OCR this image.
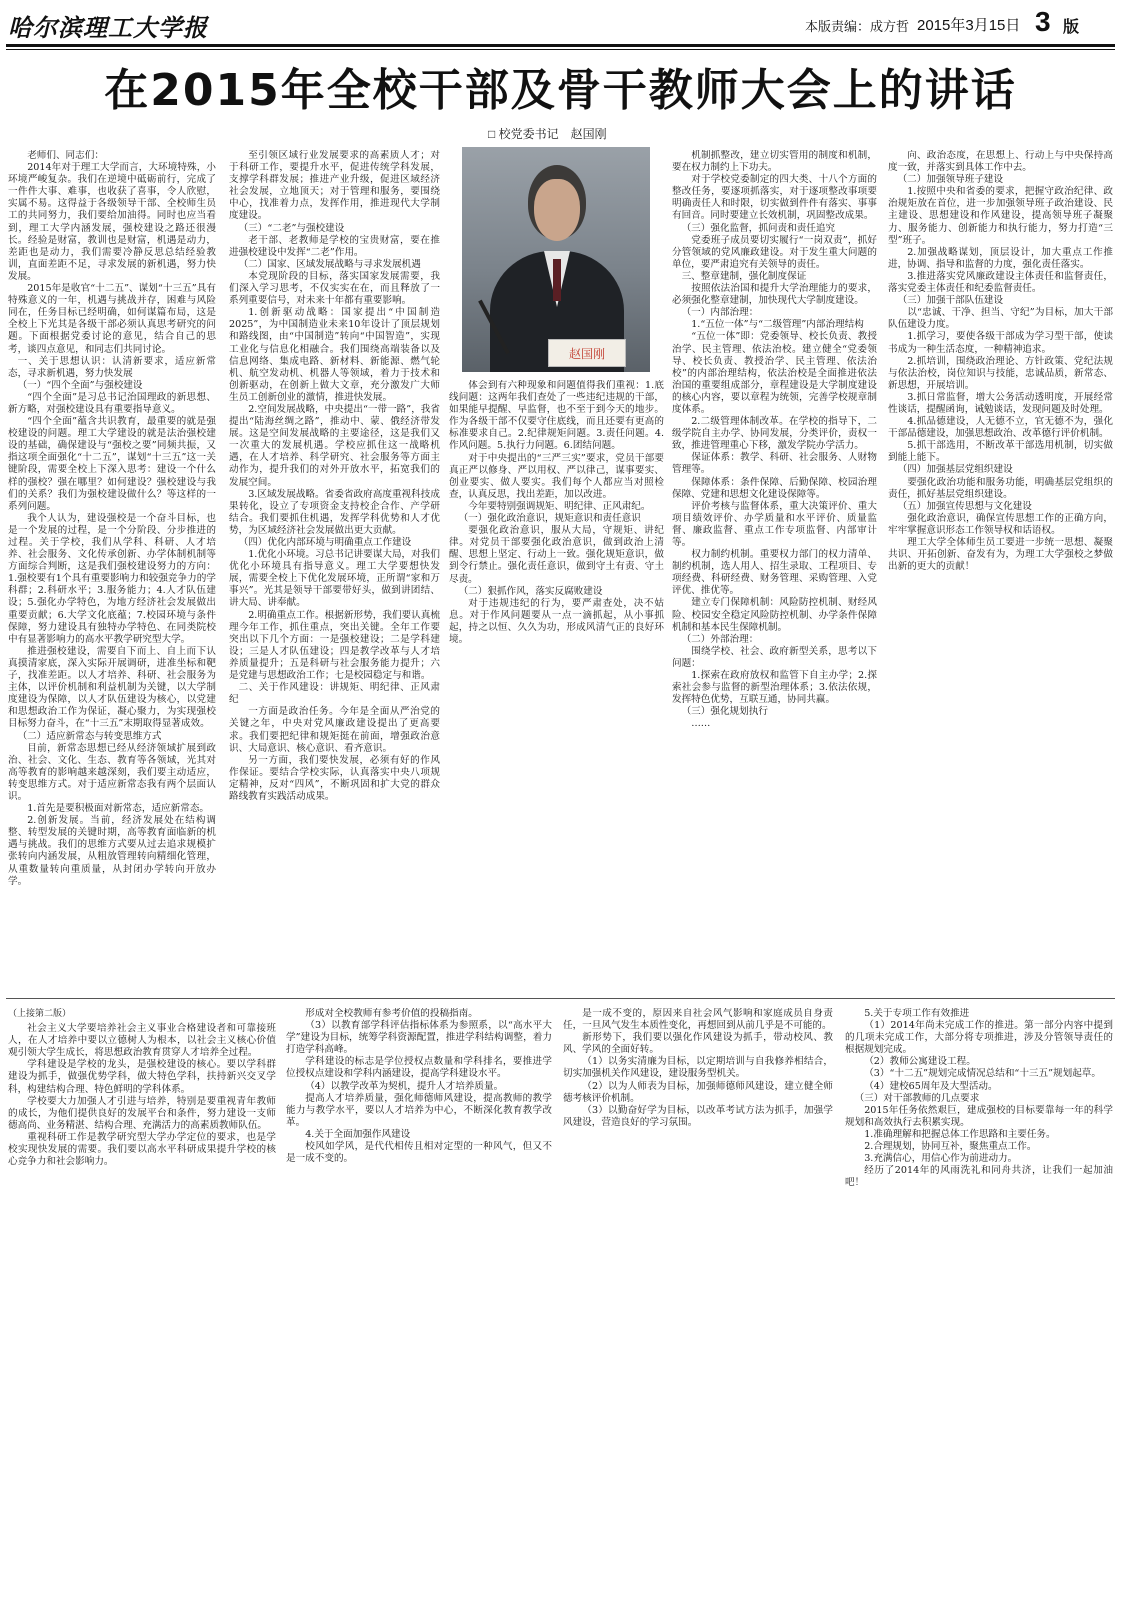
哈尔滨理工大学报	本版责编：成方哲 2015年3月15日 3 版
在2015年全校干部及骨干教师大会上的讲话
□ 校党委书记　赵国刚
赵国刚

老师们、同志们：

2014年对于理工大学而言，大环境特殊，小环境严峻复杂。我们在逆境中砥砺前行，完成了一件件大事、难事，也收获了喜事，令人欣慰，实属不易。这得益于各级领导干部、全校师生员工的共同努力，我们要给加油得。同时也应当看到，理工大学内涵发展，强校建设之路还很漫长。经验是财富，教训也是财富，机遇是动力，差距也是动力，我们需要冷静反思总结经验教训，直面差距不足，寻求发展的新机遇，努力快发展。

2015年是收官“十二五”、谋划“十三五”具有特殊意义的一年，机遇与挑战并存，困难与风险同在，任务目标已经明确，如何谋篇布局，这是全校上下光其是各级干部必须认真思考研究的问题。下面根据党委讨论的意见，结合自己的思考，谈四点意见，和同志们共同讨论。

一、关于思想认识：认清新要求，适应新常态，寻求新机遇，努力快发展

（一）“四个全面”与强校建设

“四个全面”是习总书记治国理政的新思想、新方略，对强校建设具有重要指导意义。

“四个全面”蕴含共识教育，最重要的就是强校建设的问题。理工大学建设的就是法治强校建设的基础，确保建设与“强校之要”同频共振，又指这项全面强化“十二五”，谋划“十三五”这一关键阶段，需要全校上下深入思考：建设一个什么样的强校？强在哪里？如何建设？强校建设与我们的关系？我们为强校建设做什么？等这样的一系列问题。

我个人认为，建设强校是一个奋斗目标，也是一个发展的过程，是一个分阶段、分步推进的过程。关于学校，我们从学科、科研、人才培养、社会服务、文化传承创新、办学体制机制等方面综合判断，这是我们强校建设努力的方向：1.强校要有1个具有重要影响力和较强竞争力的学科群；2.科研水平；3.服务能力；4.人才队伍建设；5.强化办学特色，为地方经济社会发展做出重要贡献；6.大学文化底蕴；7.校园环境与条件保障，努力建设具有独特办学特色、在同类院校中有显著影响力的高水平教学研究型大学。

推进强校建设，需要自下而上、自上而下认真摸清家底，深入实际开展调研，进准坐标和靶子，找准差距。以人才培养、科研、社会服务为主体，以评价机制和利益机制为关键，以大学制度建设为保障，以人才队伍建设为核心，以党建和思想政治工作为保证，凝心聚力，为实现强校目标努力奋斗，在“十三五”末期取得显著成效。

（二）适应新常态与转变思维方式

目前，新常态思想已经从经济领域扩展到政治、社会、文化、生态、教育等各领域，光其对高等教育的影响越来越深刻，我们要主动适应，转变思维方式。对于适应新常态我有两个层面认识。

1.首先是要积极面对新常态，适应新常态。

2.创新发展。当前，经济发展处在结构调整、转型发展的关键时期，高等教育面临新的机遇与挑战。我们的思维方式要从过去追求规模扩张转向内涵发展，从粗放管理转向精细化管理，从重数量转向重质量，从封闭办学转向开放办学。

至引领区域行业发展要求的高素质人才；对于科研工作，要提升水平，促进传统学科发展，支撑学科群发展；推进产业升级，促进区域经济社会发展，立地顶天；对于管理和服务，要围绕中心，找准着力点，发挥作用，推进现代大学制度建设。

（三）“二老”与强校建设

老干部、老教师是学校的宝贵财富，要在推进强校建设中发挥“二老”作用。

（二）国家、区域发展战略与寻求发展机遇

本党现阶段的目标，落实国家发展需要，我们深入学习思考，不仅实实在在，而且释放了一系列重要信号，对未来十年都有重要影响。

1.创新驱动战略：国家提出“中国制造2025”，为中国制造业未来10年设计了顶层规划和路线图，由“中国制造”转向“中国智造”，实现工业化与信息化相融合。我们围绕高端装备以及信息网络、集成电路、新材料、新能源、燃气轮机、航空发动机、机器人等领域，着力于技术和创新驱动，在创新上做大文章，充分激发广大师生员工创新创业的激情，推进快发展。

2.空间发展战略，中央提出“一带一路”，我省提出“陆海丝绸之路”，推动中、蒙、俄经济带发展。这是空间发展战略的主要途径，这是我们又一次重大的发展机遇。学校应抓住这一战略机遇，在人才培养、科学研究、社会服务等方面主动作为，提升我们的对外开放水平，拓宽我们的发展空间。

3.区域发展战略。省委省政府高度重视科技成果转化，设立了专项资金支持校企合作、产学研结合。我们要抓住机遇，发挥学科优势和人才优势，为区域经济社会发展做出更大贡献。

（四）优化内部环境与明确重点工作建设

1.优化小环境。习总书记讲要谋大局，对我们优化小环境具有指导意义。理工大学要想快发展，需要全校上下优化发展环境，正所谓“家和万事兴”。光其是领导干部要带好头，做到讲团结、讲大局、讲奉献。

2.明确重点工作。根据新形势，我们要认真梳理今年工作，抓住重点，突出关键。全年工作要突出以下几个方面：一是强校建设；二是学科建设；三是人才队伍建设；四是教学改革与人才培养质量提升；五是科研与社会服务能力提升；六是党建与思想政治工作；七是校园稳定与和谐。

二、关于作风建设：讲规矩、明纪律、正风肃纪

一方面是政治任务。今年是全面从严治党的关键之年，中央对党风廉政建设提出了更高要求。我们要把纪律和规矩挺在前面，增强政治意识、大局意识、核心意识、看齐意识。

另一方面，我们要快发展，必须有好的作风作保证。要结合学校实际，认真落实中央八项规定精神，反对“四风”，不断巩固和扩大党的群众路线教育实践活动成果。

体会到有六种现象和问题值得我们重视：1.底线问题：这两年我们查处了一些违纪违规的干部，如果能早提醒、早监督，也不至于到今天的地步。作为各级干部不仅要守住底线，而且还要有更高的标准要求自己。2.纪律规矩问题。3.责任问题。4.作风问题。5.执行力问题。6.团结问题。

对于中央提出的“三严三实”要求，党员干部要真正严以修身、严以用权、严以律己，谋事要实、创业要实、做人要实。我们每个人都应当对照检查，认真反思，找出差距，加以改进。

今年要特别强调规矩、明纪律、正风肃纪。

（一）强化政治意识，规矩意识和责任意识

要强化政治意识，服从大局，守规矩、讲纪律。对党员干部要强化政治意识，做到政治上清醒、思想上坚定、行动上一致。强化规矩意识，做到令行禁止。强化责任意识，做到守土有责、守土尽责。

（二）狠抓作风，落实反腐败建设

对于违规违纪的行为，要严肃查处，决不姑息。对于作风问题要从一点一滴抓起，从小事抓起，持之以恒、久久为功，形成风清气正的良好环境。

机制抓整改，建立切实管用的制度和机制，要在权力制约上下功夫。

对于学校党委制定的四大类、十八个方面的整改任务，要逐项抓落实，对于逐项整改事项要明确责任人和时限，切实做到件件有落实、事事有回音。同时要建立长效机制，巩固整改成果。

（三）强化监督，抓问责和责任追究

党委班子成员要切实履行“一岗双责”，抓好分管领域的党风廉政建设。对于发生重大问题的单位，要严肃追究有关领导的责任。

三、整章建制，强化制度保证

按照依法治国和提升大学治理能力的要求，必须强化整章建制，加快现代大学制度建设。

（一）内部治理：

1.“五位一体”与“二级管理”内部治理结构

“五位一体”即：党委领导、校长负责、教授治学、民主管理、依法治校。建立健全“党委领导、校长负责、教授治学、民主管理、依法治校”的内部治理结构，依法治校是全面推进依法治国的重要组成部分，章程建设是大学制度建设的核心内容，要以章程为统领，完善学校规章制度体系。

2.二级管理体制改革。在学校的指导下，二级学院自主办学、协同发展，分类评价，责权一致，推进管理重心下移，激发学院办学活力。

保证体系：教学、科研、社会服务、人财物管理等。

保障体系：条件保障、后勤保障、校园治理保障、党建和思想文化建设保障等。

评价考核与监督体系，重大决策评价、重大项目绩效评价、办学质量和水平评价、质量监督、廉政监督、重点工作专项监督、内部审计等。

权力制约机制。重要权力部门的权力清单、制约机制，选人用人、招生录取、工程项目、专项经费、科研经费、财务管理、采购管理、入党评优、推优等。

建立专门保障机制：风险防控机制、财经风险、校园安全稳定风险防控机制、办学条件保障机制和基本民生保障机制。

（二）外部治理：

围绕学校、社会、政府新型关系，思考以下问题：

1.探索在政府放权和监管下自主办学；2.探索社会参与监督的新型治理体系；3.依法依规，发挥特色优势，互联互通，协同共赢。

（三）强化规划执行

……

向、政治态度，在思想上、行动上与中央保持高度一致，并落实到具体工作中去。

（二）加强领导班子建设

1.按照中央和省委的要求，把握守政治纪律、政治规矩放在首位，进一步加强领导班子政治建设、民主建设、思想建设和作风建设，提高领导班子凝聚力、服务能力、创新能力和执行能力，努力打造“三型”班子。

2.加强战略谋划，顶层设计，加大重点工作推进，协调、指导和监督的力度，强化责任落实。

3.推进落实党风廉政建设主体责任和监督责任，落实党委主体责任和纪委监督责任。

（三）加强干部队伍建设

以“忠诚、干净、担当、守纪”为目标，加大干部队伍建设力度。

1.抓学习，要使各级干部成为学习型干部，使读书成为一种生活态度，一种精神追求。

2.抓培训，围绕政治理论、方针政策、党纪法规与依法治校，岗位知识与技能，忠诚品质，新常态、新思想，开展培训。

3.抓日常监督，增大公务活动透明度，开展经常性谈话，提醒函询，诫勉谈话，发现问题及时处理。

4.抓品德建设，人无德不立，官无德不为，强化干部品德建设，加强思想政治、改革德行评价机制。

5.抓干部选用，不断改革干部选用机制，切实做到能上能下。

（四）加强基层党组织建设

要强化政治功能和服务功能，明确基层党组织的责任，抓好基层党组织建设。

（五）加强宣传思想与文化建设

强化政治意识，确保宣传思想工作的正确方向，牢牢掌握意识形态工作领导权和话语权。

理工大学全体师生员工要进一步统一思想、凝聚共识、开拓创新、奋发有为，为理工大学强校之梦做出新的更大的贡献！

（上接第二版）

社会主义大学要培养社会主义事业合格建设者和可靠接班人，在人才培养中要以立德树人为根本，以社会主义核心价值观引领大学生成长，将思想政治教育贯穿人才培养全过程。

学科建设是学校的龙头，是强校建设的核心。要以学科群建设为抓手，做强优势学科，做大特色学科，扶持新兴交叉学科，构建结构合理、特色鲜明的学科体系。

学校要大力加强人才引进与培养，特别是要重视青年教师的成长，为他们提供良好的发展平台和条件，努力建设一支师德高尚、业务精湛、结构合理、充满活力的高素质教师队伍。

重视科研工作是教学研究型大学办学定位的要求，也是学校实现快发展的需要。我们要以高水平科研成果提升学校的核心竞争力和社会影响力。

形成对全校教师有参考价值的投稿指南。

（3）以教育部学科评估指标体系为参照系，以“高水平大学”建设为目标，统筹学科资源配置，推进学科结构调整，着力打造学科高峰。

学科建设的标志是学位授权点数量和学科排名，要推进学位授权点建设和学科内涵建设，提高学科建设水平。

（4）以教学改革为契机，提升人才培养质量。

提高人才培养质量，强化师德师风建设，提高教师的教学能力与教学水平，要以人才培养为中心，不断深化教育教学改革。

4.关于全面加强作风建设

校风如学风，是代代相传且相对定型的一种风气，但又不是一成不变的。

是一成不变的，原因来自社会风气影响和家庭成员自身责任，一旦风气发生本质性变化，再想回到从前几乎是不可能的。

新形势下，我们要以强化作风建设为抓手，带动校风、教风、学风的全面好转。

（1）以务实清廉为目标，以定期培训与自我修养相结合，切实加强机关作风建设，建设服务型机关。

（2）以为人师表为目标，加强师德师风建设，建立健全师德考核评价机制。

（3）以勤奋好学为目标，以改革考试方法为抓手，加强学风建设，营造良好的学习氛围。

5.关于专项工作有效推进

（1）2014年尚未完成工作的推进。第一部分内容中提到的几项未完成工作，大部分将专项推进，涉及分管领导责任的根据规划完成。

（2）教师公寓建设工程。

（3）“十二五”规划完成情况总结和“十三五”规划起草。

（4）建校65周年及大型活动。

（三）对干部教师的几点要求

2015年任务依然艰巨，建成强校的目标要靠每一年的科学规划和高效执行去积累实现。

1.准确理解和把握总体工作思路和主要任务。

2.合理规划，协同互补，聚焦重点工作。

3.充满信心，用信心作为前进动力。

经历了2014年的风雨洗礼和同舟共济，让我们一起加油吧！
